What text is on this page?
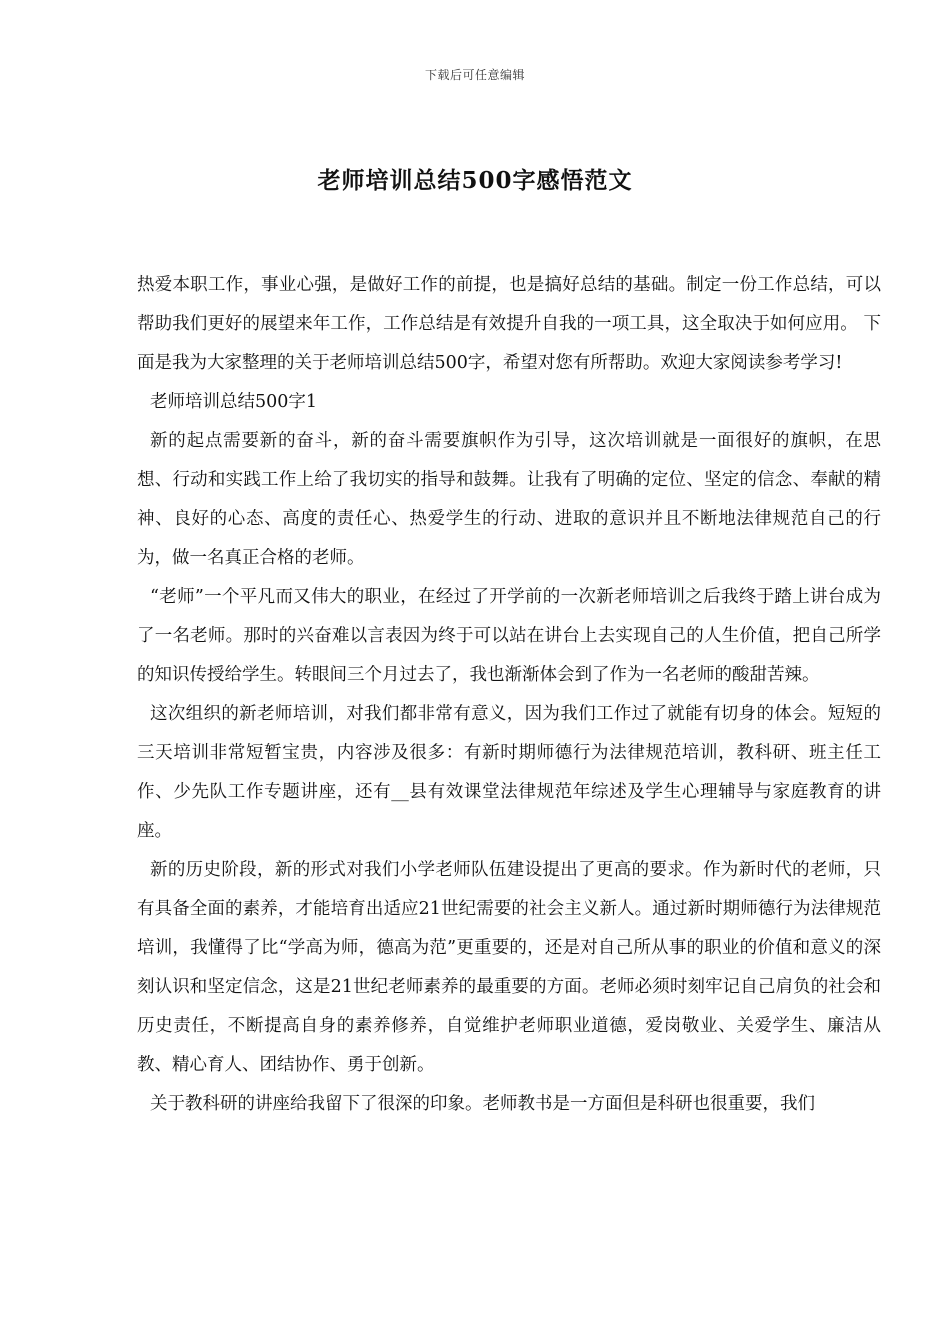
下载后可任意编辑
老师培训总结500字感悟范文

热爱本职工作，事业心强，是做好工作的前提，也是搞好总结的基础。制定一份工作总结，可以帮助我们更好的展望来年工作，工作总结是有效提升自我的一项工具，这全取决于如何应用。 下面是我为大家整理的关于老师培训总结500字，希望对您有所帮助。欢迎大家阅读参考学习!

老师培训总结500字1

新的起点需要新的奋斗，新的奋斗需要旗帜作为引导，这次培训就是一面很好的旗帜，在思想、行动和实践工作上给了我切实的指导和鼓舞。让我有了明确的定位、坚定的信念、奉献的精神、良好的心态、高度的责任心、热爱学生的行动、进取的意识并且不断地法律规范自己的行为，做一名真正合格的老师。

“老师”一个平凡而又伟大的职业，在经过了开学前的一次新老师培训之后我终于踏上讲台成为了一名老师。那时的兴奋难以言表因为终于可以站在讲台上去实现自己的人生价值，把自己所学的知识传授给学生。转眼间三个月过去了，我也渐渐体会到了作为一名老师的酸甜苦辣。

这次组织的新老师培训，对我们都非常有意义，因为我们工作过了就能有切身的体会。短短的三天培训非常短暂宝贵，内容涉及很多：有新时期师德行为法律规范培训，教科研、班主任工作、少先队工作专题讲座，还有__县有效课堂法律规范年综述及学生心理辅导与家庭教育的讲座。

新的历史阶段，新的形式对我们小学老师队伍建设提出了更高的要求。作为新时代的老师，只有具备全面的素养，才能培育出适应21世纪需要的社会主义新人。通过新时期师德行为法律规范培训，我懂得了比“学高为师，德高为范”更重要的，还是对自己所从事的职业的价值和意义的深刻认识和坚定信念，这是21世纪老师素养的最重要的方面。老师必须时刻牢记自己肩负的社会和历史责任，不断提高自身的素养修养，自觉维护老师职业道德，爱岗敬业、关爱学生、廉洁从教、精心育人、团结协作、勇于创新。

关于教科研的讲座给我留下了很深的印象。老师教书是一方面但是科研也很重要，我们
